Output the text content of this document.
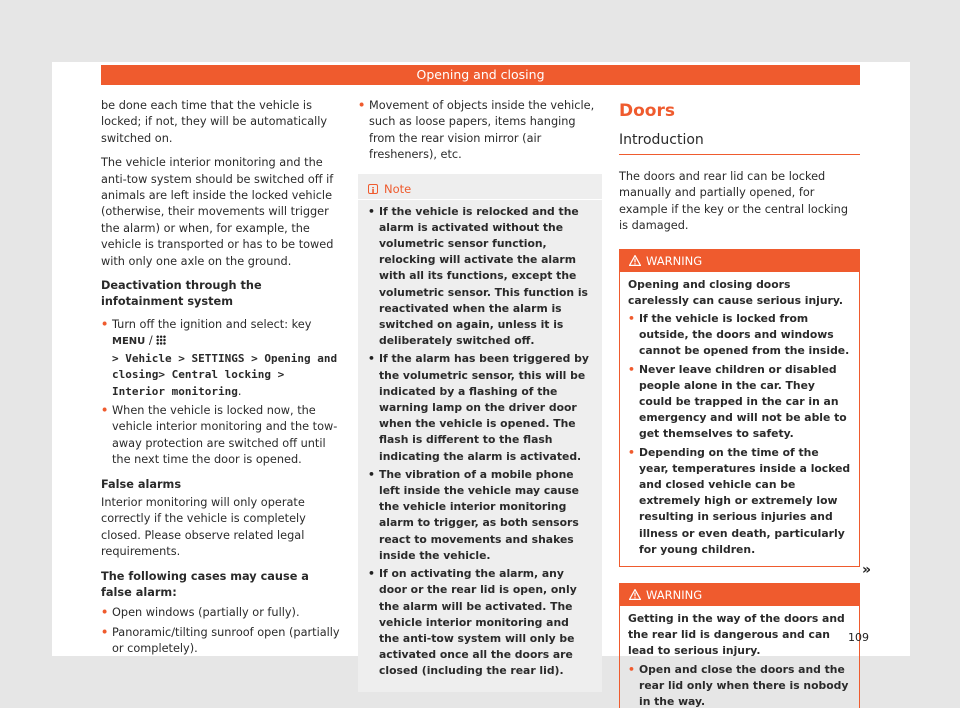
Opening and closing

be done each time that the vehicle is locked; if not, they will be automatically switched on.

The vehicle interior monitoring and the anti-tow system should be switched off if animals are left inside the locked vehicle (otherwise, their movements will trigger the alarm) or when, for example, the vehicle is transported or has to be towed with only one axle on the ground.

Deactivation through the infotainment system
• Turn off the ignition and select: key MENU /
> Vehicle > SETTINGS > Opening and closing> Central locking > Interior monitoring.
• When the vehicle is locked now, the vehicle interior monitoring and the tow-away protection are switched off until the next time the door is opened.
False alarms

Interior monitoring will only operate correctly if the vehicle is completely closed. Please observe related legal requirements.

The following cases may cause a false alarm:
• Open windows (partially or fully).
• Panoramic/tilting sunroof open (partially or completely).
• Movement of objects inside the vehicle, such as loose papers, items hanging from the rear vision mirror (air fresheners), etc.
iNote
• If the vehicle is relocked and the alarm is activated without the volumetric sensor function, relocking will activate the alarm with all its functions, except the volumetric sensor. This function is reactivated when the alarm is switched on again, unless it is deliberately switched off.
• If the alarm has been triggered by the volumetric sensor, this will be indicated by a flashing of the warning lamp on the driver door when the vehicle is opened. The flash is different to the flash indicating the alarm is activated.
• The vibration of a mobile phone left inside the vehicle may cause the vehicle interior monitoring alarm to trigger, as both sensors react to movements and shakes inside the vehicle.
• If on activating the alarm, any door or the rear lid is open, only the alarm will be activated. The vehicle interior monitoring and the anti-tow system will only be activated once all the doors are closed (including the rear lid).
Doors
Introduction

The doors and rear lid can be locked manually and partially opened, for example if the key or the central locking is damaged.

WARNING
Opening and closing doors carelessly can cause serious injury.
• If the vehicle is locked from outside, the doors and windows cannot be opened from the inside.
• Never leave children or disabled people alone in the car. They could be trapped in the car in an emergency and will not be able to get themselves to safety.
• Depending on the time of the year, temperatures inside a locked and closed vehicle can be extremely high or extremely low resulting in serious injuries and illness or even death, particularly for young children.
WARNING
Getting in the way of the doors and the rear lid is dangerous and can lead to serious injury.
• Open and close the doors and the rear lid only when there is nobody in the way.
»
109
